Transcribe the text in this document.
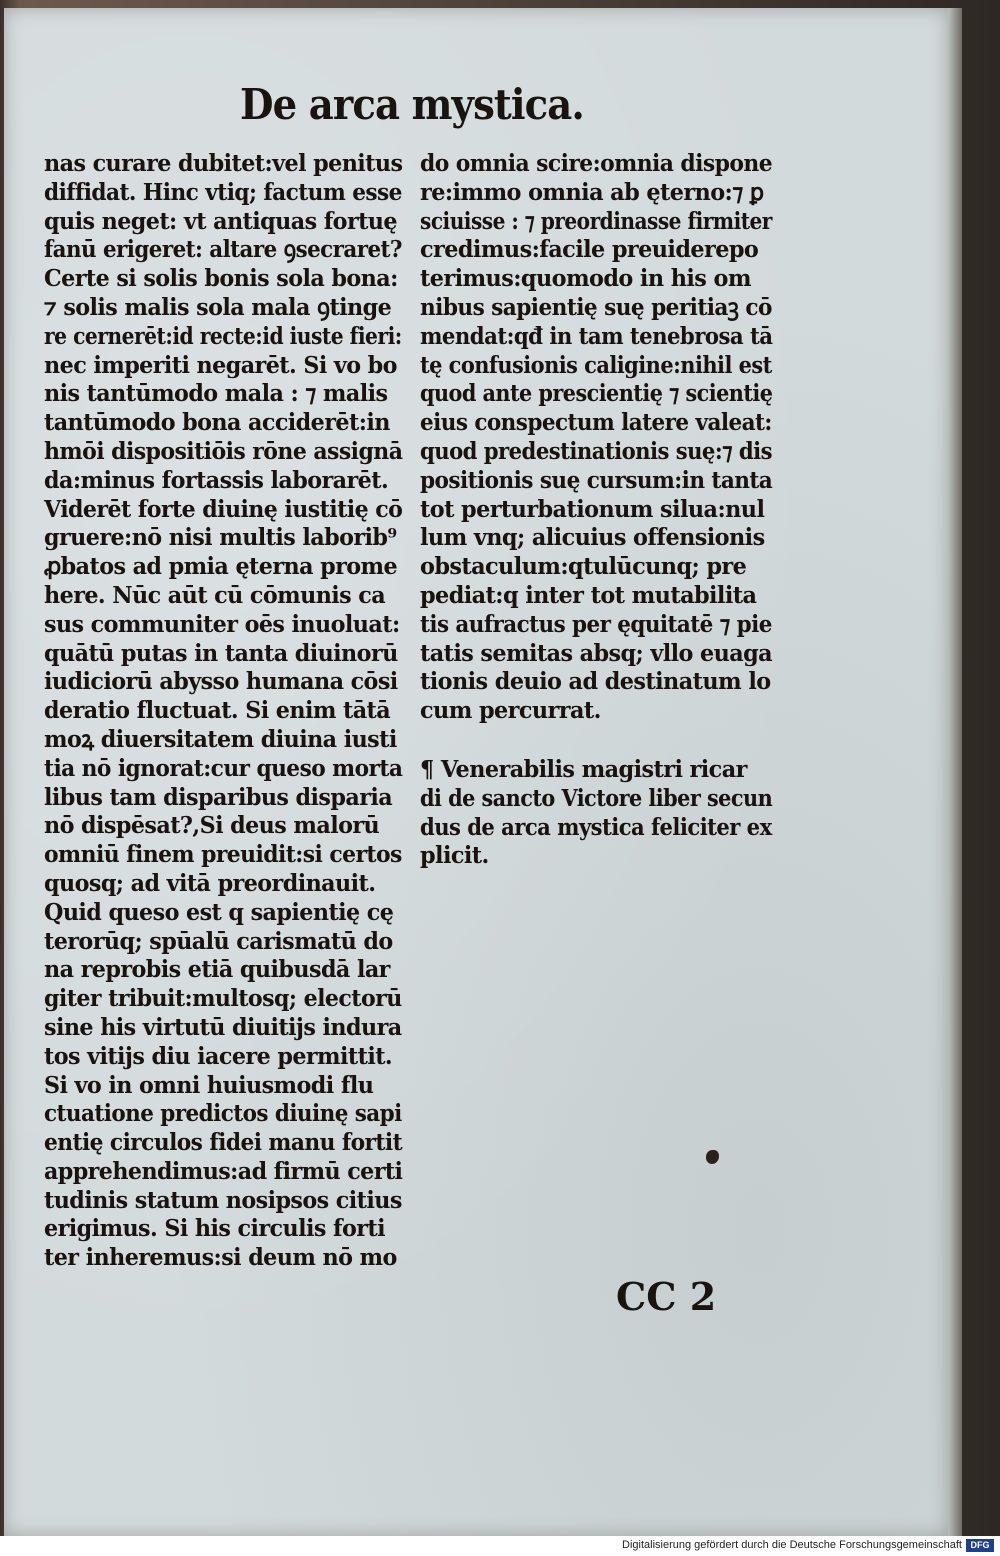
De arca mystica.
nas curare dubitet:vel penitus
diffidat. Hinc vtiq; factum esse
quis neget: vt antiquas fortuę
fanū erigeret: altare ꝯsecraret?
Certe si solis bonis sola bona:
⁊ solis malis sola mala ꝯtinge
re cernerēt:id recte:id iuste fieri:
nec imperiti negarēt. Si vo bo
nis tantūmodo mala : ⁊ malis
tantūmodo bona acciderēt:in
hmōi dispositiōis rōne assignā
da:minus fortassis laborarēt.
Viderēt forte diuinę iustitię cō
gruere:nō nisi multis laborib⁹
ꝓbatos ad pmia ęterna prome
here. Nūc aūt cū cōmunis ca
sus communiter oēs inuoluat:
quātū putas in tanta diuinorū
iudiciorū abysso humana cōsi
deratio fluctuat. Si enim tātā
moꝝ diuersitatem diuina iusti
tia nō ignorat:cur queso morta
libus tam disparibus disparia
nō dispēsat?,Si deus malorū
omniū finem preuidit:si certos
quosq; ad vitā preordinauit.
Quid queso est q sapientię cę
terorūq; spūalū carismatū do
na reprobis etiā quibusdā lar
giter tribuit:multosq; electorū
sine his virtutū diuitijs indura
tos vitijs diu iacere permittit.
Si vo in omni huiusmodi flu
ctuatione predictos diuinę sapi
entię circulos fidei manu fortit
apprehendimus:ad firmū certi
tudinis statum nosipsos citius
erigimus. Si his circulis forti
ter inheremus:si deum nō mo
do omnia scire:omnia dispone
re:immo omnia ab ęterno:⁊ ꝑ
sciuisse : ⁊ preordinasse firmiter
credimus:facile preuiderepo
terimus:quomodo in his om
nibus sapientię suę peritiaꝫ cō
mendat:qđ in tam tenebrosa tā
tę confusionis caligine:nihil est
quod ante prescientię ⁊ scientię
eius conspectum latere valeat:
quod predestinationis suę:⁊ dis
positionis suę cursum:in tanta
tot perturbationum silua:nul
lum vnq; alicuius offensionis
obstaculum:qtulūcunq; pre
pediat:q inter tot mutabilita
tis aufractus per ęquitatē ⁊ pie
tatis semitas absq; vllo euaga
tionis deuio ad destinatum lo
cum percurrat.
¶ Venerabilis magistri ricar
di de sancto Victore liber secun
dus de arca mystica feliciter ex
plicit.
CC 2
Digitalisierung gefördert durch die Deutsche Forschungsgemeinschaft DFG
